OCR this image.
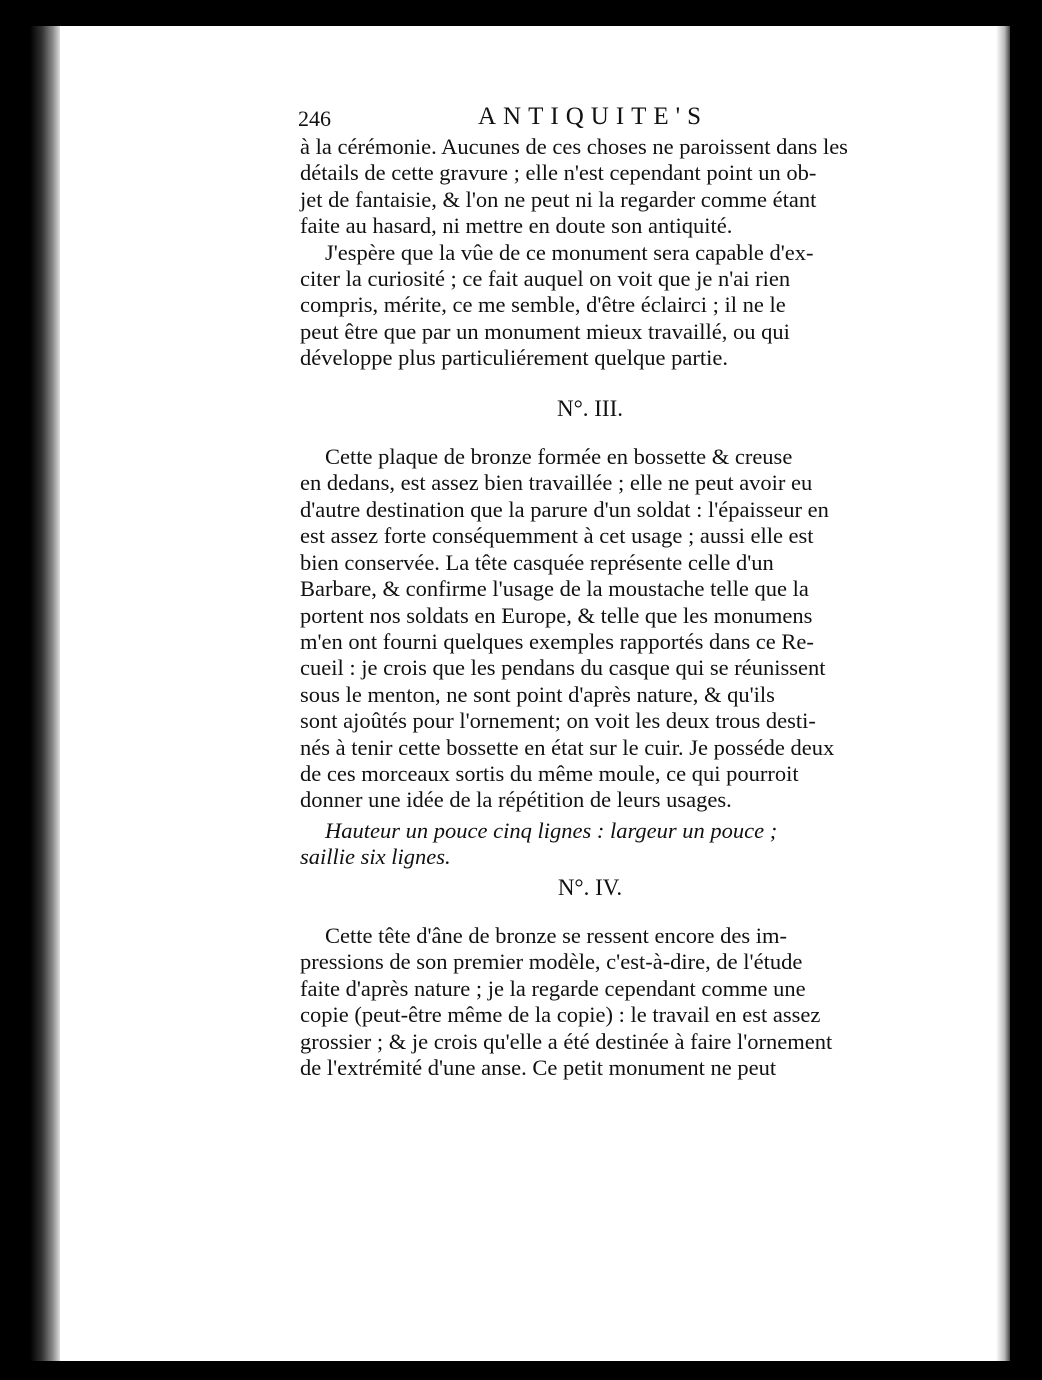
246	ANTIQUITE'S

à la cérémonie. Aucunes de ces choses ne paroissent dans les
détails de cette gravure ; elle n'est cependant point un ob-
jet de fantaisie, & l'on ne peut ni la regarder comme étant
faite au hasard, ni mettre en doute son antiquité.

J'espère que la vûe de ce monument sera capable d'ex-
citer la curiosité ; ce fait auquel on voit que je n'ai rien
compris, mérite, ce me semble, d'être éclairci ; il ne le
peut être que par un monument mieux travaillé, ou qui
développe plus particuliérement quelque partie.

N°. III.

Cette plaque de bronze formée en bossette & creuse
en dedans, est assez bien travaillée ; elle ne peut avoir eu
d'autre destination que la parure d'un soldat : l'épaisseur en
est assez forte conséquemment à cet usage ; aussi elle est
bien conservée. La tête casquée représente celle d'un
Barbare, & confirme l'usage de la moustache telle que la
portent nos soldats en Europe, & telle que les monumens
m'en ont fourni quelques exemples rapportés dans ce Re-
cueil : je crois que les pendans du casque qui se réunissent
sous le menton, ne sont point d'après nature, & qu'ils
sont ajoûtés pour l'ornement; on voit les deux trous desti-
nés à tenir cette bossette en état sur le cuir. Je posséde deux
de ces morceaux sortis du même moule, ce qui pourroit
donner une idée de la répétition de leurs usages.

Hauteur un pouce cinq lignes : largeur un pouce ;
saillie six lignes.

N°. IV.

Cette tête d'âne de bronze se ressent encore des im-
pressions de son premier modèle, c'est-à-dire, de l'étude
faite d'après nature ; je la regarde cependant comme une
copie (peut-être même de la copie) : le travail en est assez
grossier ; & je crois qu'elle a été destinée à faire l'ornement
de l'extrémité d'une anse. Ce petit monument ne peut
